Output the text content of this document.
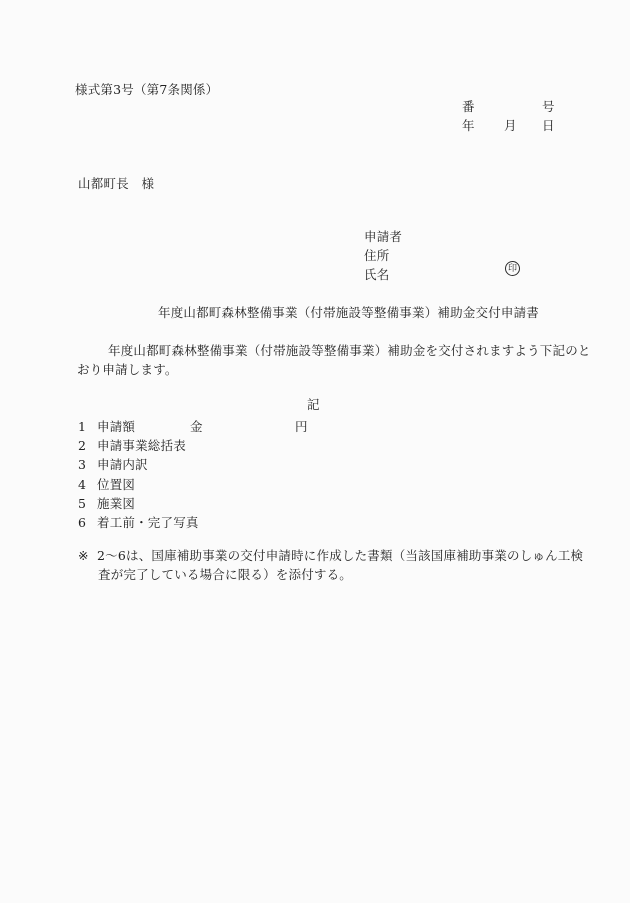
様式第3号（第7条関係）
番	号
年 月 日
山都町長　様
申請者
住所
氏名	印
年度山都町森林整備事業（付帯施設等整備事業）補助金交付申請書
年度山都町森林整備事業（付帯施設等整備事業）補助金を交付されますよう下記のと
おり申請します。
記
1 申請額	金	円
2 申請事業総括表
3 申請内訳
4 位置図
5 施業図
6 着工前・完了写真
※ 2～6は、国庫補助事業の交付申請時に作成した書類（当該国庫補助事業のしゅん工検
査が完了している場合に限る）を添付する。
